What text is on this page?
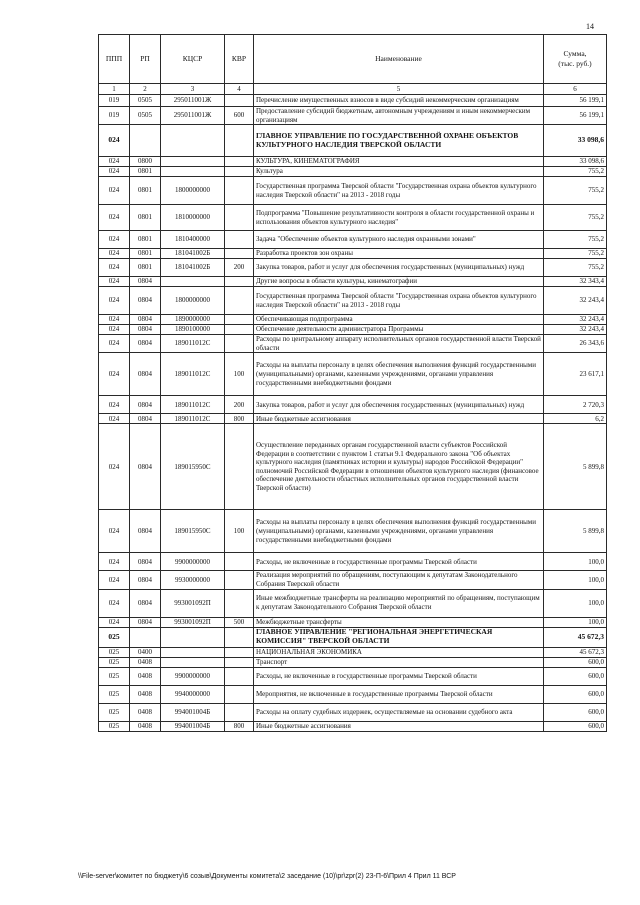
14
ППП	РП	КЦСР	КВР	Наименование	Сумма,
(тыс. руб.)
1	2	3	4	5	6
019	0505	295011001Ж		Перечисление имущественных взносов в виде субсидий некоммерческим организациям	56 199,1
019	0505	295011001Ж	600	Предоставление субсидий бюджетным, автономным учреждениям и иным некоммерческим организациям	56 199,1
024				ГЛАВНОЕ УПРАВЛЕНИЕ ПО ГОСУДАРСТВЕННОЙ ОХРАНЕ ОБЪЕКТОВ КУЛЬТУРНОГО НАСЛЕДИЯ ТВЕРСКОЙ ОБЛАСТИ	33 098,6
024	0800			КУЛЬТУРА, КИНЕМАТОГРАФИЯ	33 098,6
024	0801			Культура	755,2
024	0801	1800000000		Государственная программа Тверской области "Государственная охрана объектов культурного наследия Тверской области" на 2013 - 2018 годы	755,2
024	0801	1810000000		Подпрограмма "Повышение результативности контроля в области государственной охраны и использования объектов культурного наследия"	755,2
024	0801	1810400000		Задача "Обеспечение объектов культурного наследия охранными зонами"	755,2
024	0801	181041002Б		Разработка проектов зон охраны	755,2
024	0801	181041002Б	200	Закупка товаров, работ и услуг для обеспечения государственных (муниципальных) нужд	755,2
024	0804			Другие вопросы в области культуры, кинематографии	32 343,4
024	0804	1800000000		Государственная программа Тверской области "Государственная охрана объектов культурного наследия Тверской области" на 2013 - 2018 годы	32 243,4
024	0804	1890000000		Обеспечивающая подпрограмма	32 243,4
024	0804	1890100000		Обеспечение деятельности администратора Программы	32 243,4
024	0804	189011012С		Расходы по центральному аппарату исполнительных органов государственной власти Тверской области	26 343,6
024	0804	189011012С	100	Расходы на выплаты персоналу в целях обеспечения выполнения функций государственными (муниципальными) органами, казенными учреждениями, органами управления государственными внебюджетными фондами	23 617,1
024	0804	189011012С	200	Закупка товаров, работ и услуг для обеспечения государственных (муниципальных) нужд	2 720,3
024	0804	189011012С	800	Иные бюджетные ассигнования	6,2
024	0804	189015950С		Осуществление переданных органам государственной власти субъектов Российской Федерации в соответствии с пунктом 1 статьи 9.1 Федерального закона "Об объектах культурного наследия (памятниках истории и культуры) народов Российской Федерации" полномочий Российской Федерации в отношении объектов культурного наследия (финансовое обеспечение деятельности областных исполнительных органов государственной власти Тверской области)	5 899,8
024	0804	189015950С	100	Расходы на выплаты персоналу в целях обеспечения выполнения функций государственными (муниципальными) органами, казенными учреждениями, органами управления государственными внебюджетными фондами	5 899,8
024	0804	9900000000		Расходы, не включенные в государственные программы Тверской области	100,0
024	0804	9930000000		Реализация мероприятий по обращениям, поступающим к депутатам Законодательного Собрания Тверской области	100,0
024	0804	993001092П		Иные межбюджетные трансферты на реализацию мероприятий по обращениям, поступающим к депутатам Законодательного Собрания Тверской области	100,0
024	0804	993001092П	500	Межбюджетные трансферты	100,0
025				ГЛАВНОЕ УПРАВЛЕНИЕ "РЕГИОНАЛЬНАЯ ЭНЕРГЕТИЧЕСКАЯ КОМИССИЯ" ТВЕРСКОЙ ОБЛАСТИ	45 672,3
025	0400			НАЦИОНАЛЬНАЯ ЭКОНОМИКА	45 672,3
025	0408			Транспорт	600,0
025	0408	9900000000		Расходы, не включенные в государственные программы Тверской области	600,0
025	0408	9940000000		Мероприятия, не включенные в государственные программы Тверской области	600,0
025	0408	994001004Б		Расходы на оплату судебных издержек, осуществляемые на основании судебного акта	600,0
025	0408	994001004Б	800	Иные бюджетные ассигнования	600,0
\\File-server\комитет по бюджету\6 созыв\Документы комитета\2 заседание (10)\pr\zpr(2) 23-П-6\Прил 4 Прил 11 ВСР
